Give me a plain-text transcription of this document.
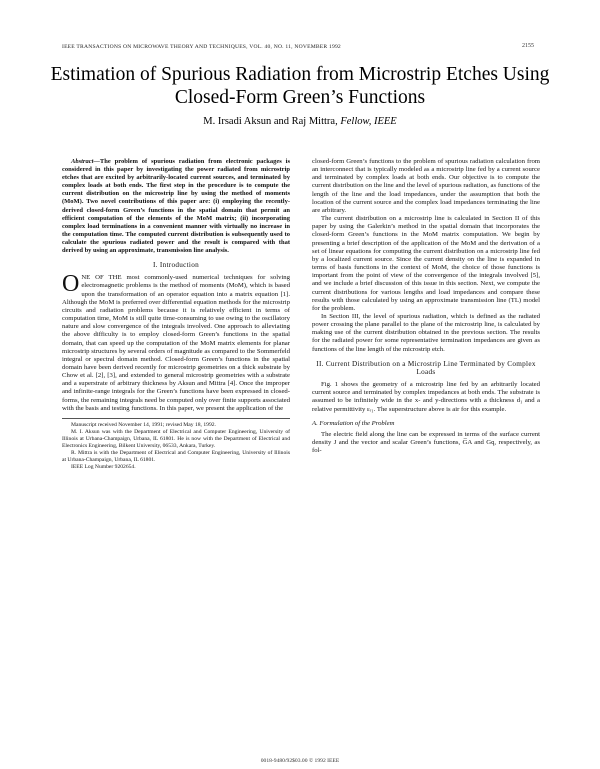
IEEE TRANSACTIONS ON MICROWAVE THEORY AND TECHNIQUES, VOL. 40, NO. 11, NOVEMBER 1992	2155
Estimation of Spurious Radiation from Microstrip Etches Using Closed-Form Green’s Functions
M. Irsadi Aksun and Raj Mittra, Fellow, IEEE

Abstract—The problem of spurious radiation from electronic packages is considered in this paper by investigating the power radiated from microstrip etches that are excited by arbitrarily-located current sources, and terminated by complex loads at both ends. The first step in the procedure is to compute the current distribution on the microstrip line by using the method of moments (MoM). Two novel contributions of this paper are: (i) employing the recently-derived closed-form Green’s functions in the spatial domain that permit an efficient computation of the elements of the MoM matrix; (ii) incorporating complex load terminations in a convenient manner with virtually no increase in the computation time. The computed current distribution is subsequently used to calculate the spurious radiated power and the result is compared with that derived by using an approximate, transmission line analysis.

I. Introduction

ONE OF THE most commonly-used numerical techniques for solving electromagnetic problems is the method of moments (MoM), which is based upon the transformation of an operator equation into a matrix equation [1]. Although the MoM is preferred over differential equation methods for the microstrip circuits and radiation problems because it is relatively efficient in terms of computation time, MoM is still quite time-consuming to use owing to the oscillatory nature and slow convergence of the integrals involved. One approach to alleviating the above difficulty is to employ closed-form Green’s functions in the spatial domain, that can speed up the computation of the MoM matrix elements for planar microstrip structures by several orders of magnitude as compared to the Sommerfeld integral or spectral domain method. Closed-form Green’s functions in the spatial domain have been derived recently for microstrip geometries on a thick substrate by Chow et al. [2], [3], and extended to general microstrip geometries with a substrate and a superstrate of arbitrary thickness by Aksun and Mittra [4]. Once the improper and infinite-range integrals for the Green’s functions have been expressed in closed-forms, the remaining integrals need be computed only over finite supports associated with the basis and testing functions. In this paper, we present the application of the

Manuscript received November 14, 1991; revised May 18, 1992.

M. I. Aksun was with the Department of Electrical and Computer Engineering, University of Illinois at Urbana-Champaign, Urbana, IL 61801. He is now with the Department of Electrical and Electronics Engineering, Bilkent University, 06533, Ankara, Turkey.

R. Mittra is with the Department of Electrical and Computer Engineering, University of Illinois at Urbana-Champaign, Urbana, IL 61801.

IEEE Log Number 9202654.

closed-form Green’s functions to the problem of spurious radiation calculation from an interconnect that is typically modeled as a microstrip line fed by a current source and terminated by complex loads at both ends. Our objective is to compute the current distribution on the line and the level of spurious radiation, as functions of the length of the line and the load impedances, under the assumption that both the location of the current source and the complex load impedances terminating the line are arbitrary.

The current distribution on a microstrip line is calculated in Section II of this paper by using the Galerkin’s method in the spatial domain that incorporates the closed-form Green’s functions in the MoM matrix computation. We begin by presenting a brief description of the application of the MoM and the derivation of a set of linear equations for computing the current distribution on a microstrip line fed by a localized current source. Since the current density on the line is expanded in terms of basis functions in the context of MoM, the choice of those functions is important from the point of view of the convergence of the integrals involved [5], and we include a brief discussion of this issue in this section. Next, we compute the current distributions for various lengths and load impedances and compare these results with those calculated by using an approximate transmission line (TL) model for the problem.

In Section III, the level of spurious radiation, which is defined as the radiated power crossing the plane parallel to the plane of the microstrip line, is calculated by making use of the current distribution obtained in the previous section. The results for the radiated power for some representative termination impedances are given as functions of the line length of the microstrip etch.

II. Current Distribution on a Microstrip Line Terminated by Complex Loads

Fig. 1 shows the geometry of a microstrip line fed by an arbitrarily located current source and terminated by complex impedances at both ends. The substrate is assumed to be infinitely wide in the x- and y-directions with a thickness d₁ and a relative permittivity εᵣ₁. The superstructure above is air for this example.

A. Formulation of the Problem

The electric field along the line can be expressed in terms of the surface current density J and the vector and scalar Green’s functions, G̅A and Gq, respectively, as fol-

0018-9480/92$03.00 © 1992 IEEE
